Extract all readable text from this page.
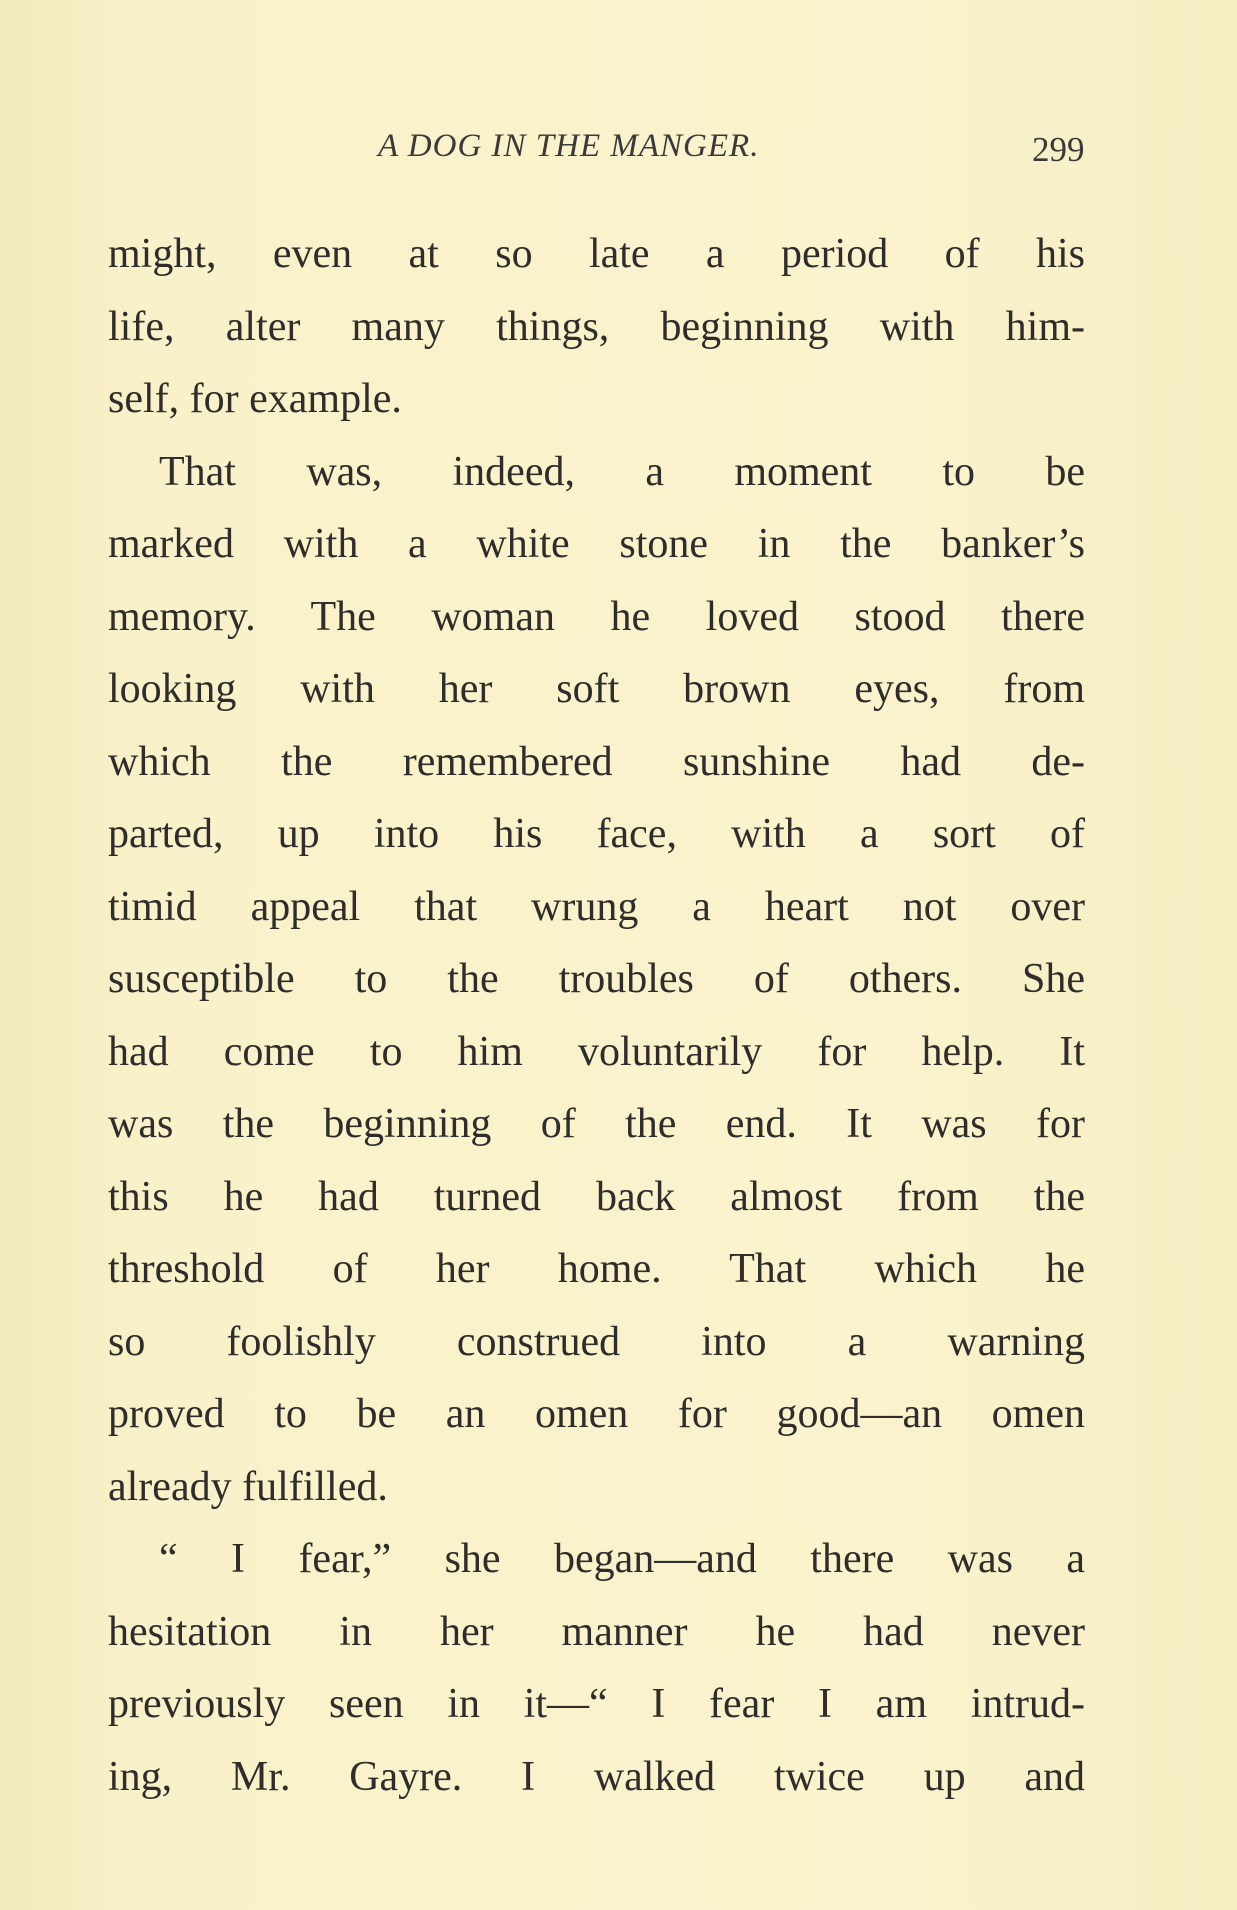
A DOG IN THE MANGER.	299
might, even at so late a period of his
life, alter many things, beginning with him-
self, for example.
That was, indeed, a moment to be
marked with a white stone in the banker’s
memory. The woman he loved stood there
looking with her soft brown eyes, from
which the remembered sunshine had de-
parted, up into his face, with a sort of
timid appeal that wrung a heart not over
susceptible to the troubles of others. She
had come to him voluntarily for help. It
was the beginning of the end. It was for
this he had turned back almost from the
threshold of her home. That which he
so foolishly construed into a warning
proved to be an omen for good—an omen
already fulfilled.
“ I fear,” she began—and there was a
hesitation in her manner he had never
previously seen in it—“ I fear I am intrud-
ing, Mr. Gayre. I walked twice up and
